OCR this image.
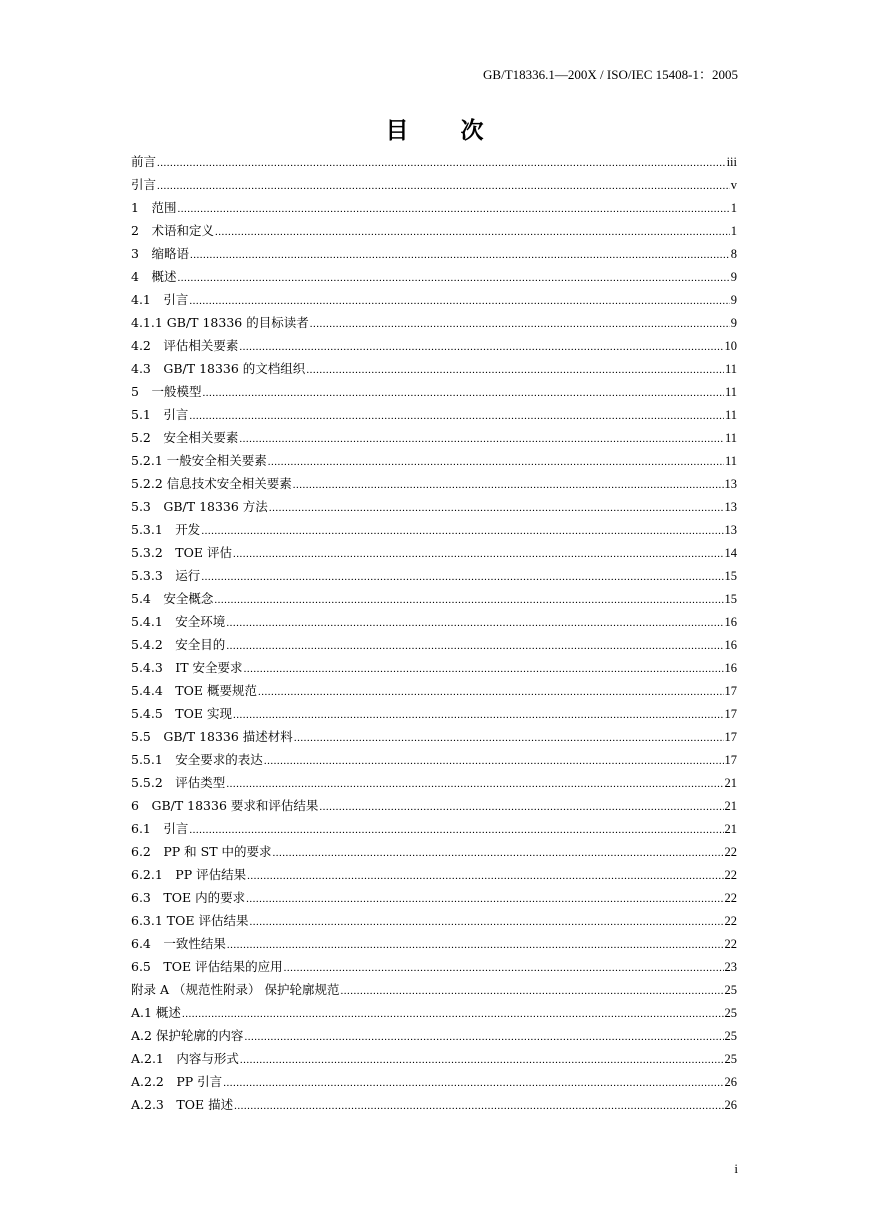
GB/T18336.1—200X / ISO/IEC 15408-1：2005
目次
前言 .....	iii
引言 .....	v
1　范围 .....	1
2　术语和定义 .....	1
3　缩略语 .....	8
4　概述 .....	9
4.1　引言 .....	9
4.1.1 GB/T 18336 的目标读者 .....	9
4.2　评估相关要素 .....	10
4.3　GB/T 18336 的文档组织 .....	11
5　一般模型 .....	11
5.1　引言 .....	11
5.2　安全相关要素 .....	11
5.2.1 一般安全相关要素 .....	11
5.2.2 信息技术安全相关要素 .....	13
5.3　GB/T 18336 方法 .....	13
5.3.1　开发 .....	13
5.3.2　TOE 评估 .....	14
5.3.3　运行 .....	15
5.4　安全概念 .....	15
5.4.1　安全环境 .....	16
5.4.2　安全目的 .....	16
5.4.3　IT 安全要求 .....	16
5.4.4　TOE 概要规范 .....	17
5.4.5　TOE 实现 .....	17
5.5　GB/T 18336 描述材料 .....	17
5.5.1　安全要求的表达 .....	17
5.5.2　评估类型 .....	21
6　GB/T 18336 要求和评估结果 .....	21
6.1　引言 .....	21
6.2　PP 和 ST 中的要求 .....	22
6.2.1　PP 评估结果 .....	22
6.3　TOE 内的要求 .....	22
6.3.1 TOE 评估结果 .....	22
6.4　一致性结果 .....	22
6.5　TOE 评估结果的应用 .....	23
附录 A （规范性附录） 保护轮廓规范 .....	25
A.1 概述 .....	25
A.2 保护轮廓的内容 .....	25
A.2.1　内容与形式 .....	25
A.2.2　PP 引言 .....	26
A.2.3　TOE 描述 .....	26
i
